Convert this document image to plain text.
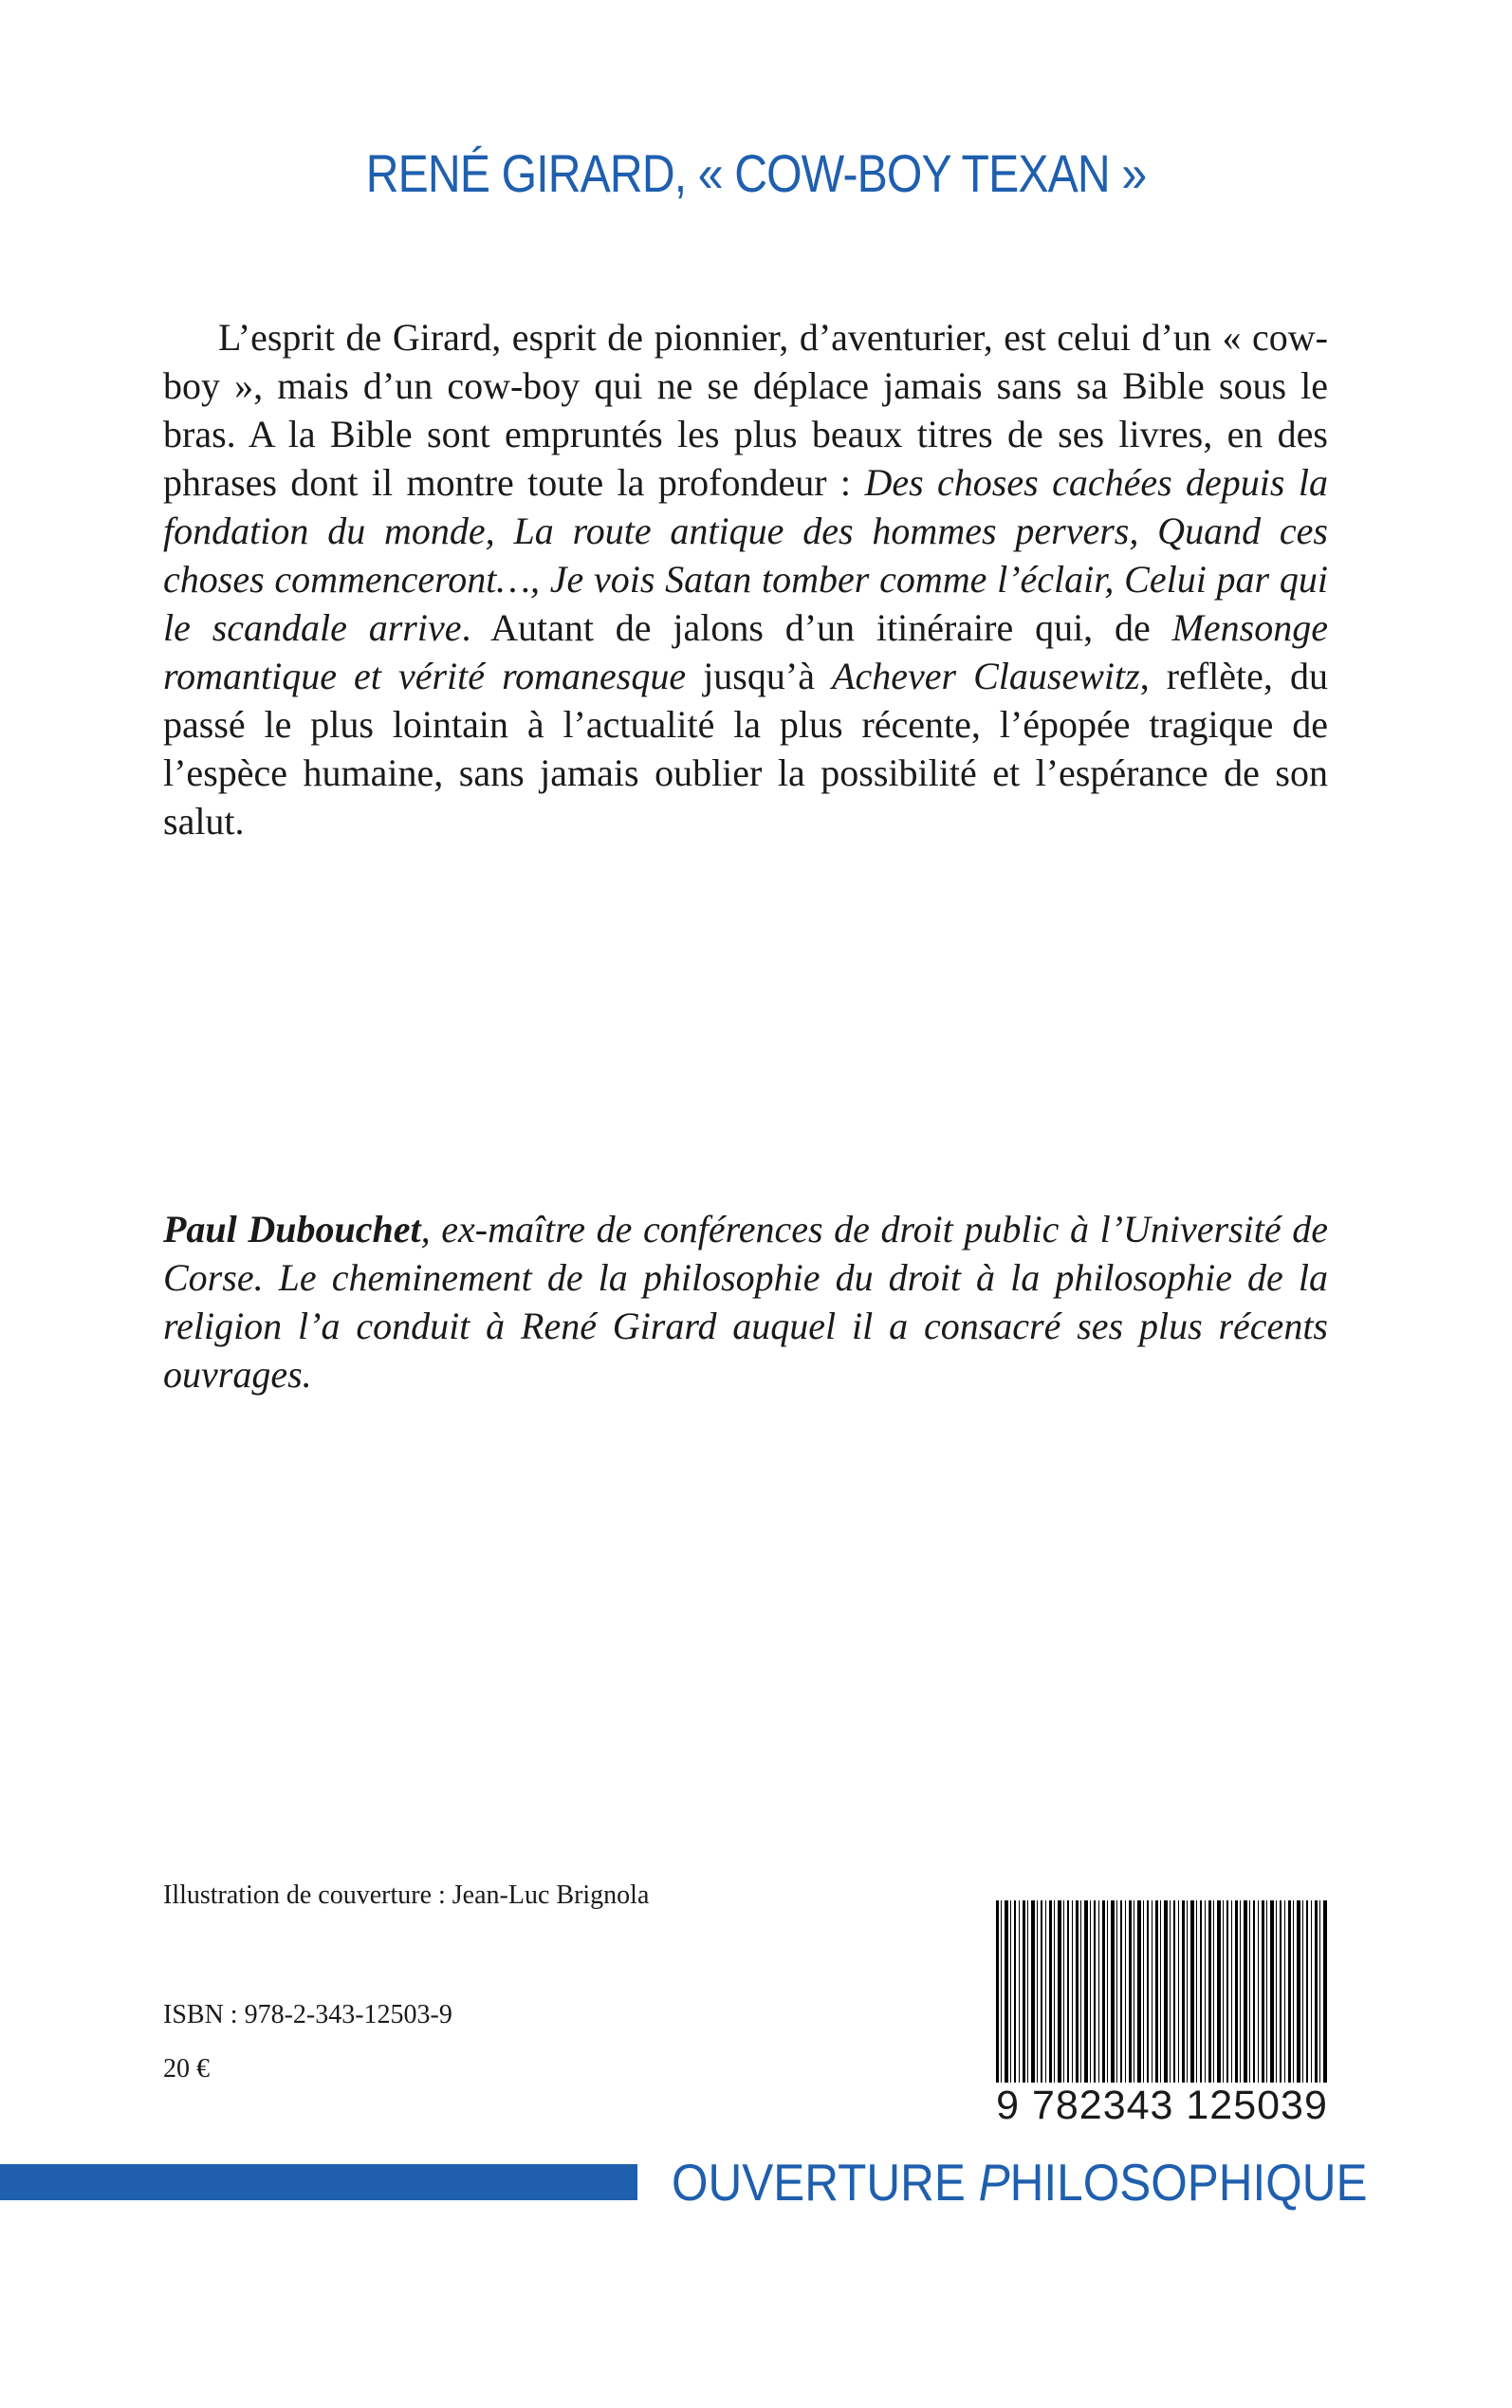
RENÉ GIRARD, « COW-BOY TEXAN »

L’esprit de Girard, esprit de pionnier, d’aventurier, est celui d’un « cow-boy », mais d’un cow-boy qui ne se déplace jamais sans sa Bible sous le bras. A la Bible sont empruntés les plus beaux titres de ses livres, en des phrases dont il montre toute la profondeur : Des choses cachées depuis la fondation du monde, La route antique des hommes pervers, Quand ces choses commenceront…, Je vois Satan tomber comme l’éclair, Celui par qui le scandale arrive. Autant de jalons d’un itinéraire qui, de Mensonge romantique et vérité romanesque jusqu’à Achever Clausewitz, reflète, du passé le plus lointain à l’actualité la plus récente, l’épopée tragique de l’espèce humaine, sans jamais oublier la possibilité et l’espérance de son salut.

Paul Dubouchet, ex-maître de conférences de droit public à l’Université de Corse. Le cheminement de la philosophie du droit à la philosophie de la religion l’a conduit à René Girard auquel il a consacré ses plus récents ouvrages.

Illustration de couverture : Jean-Luc Brignola
ISBN : 978-2-343-12503-9
20 €
9 782343 125039
OUVERTURE PHILOSOPHIQUE
